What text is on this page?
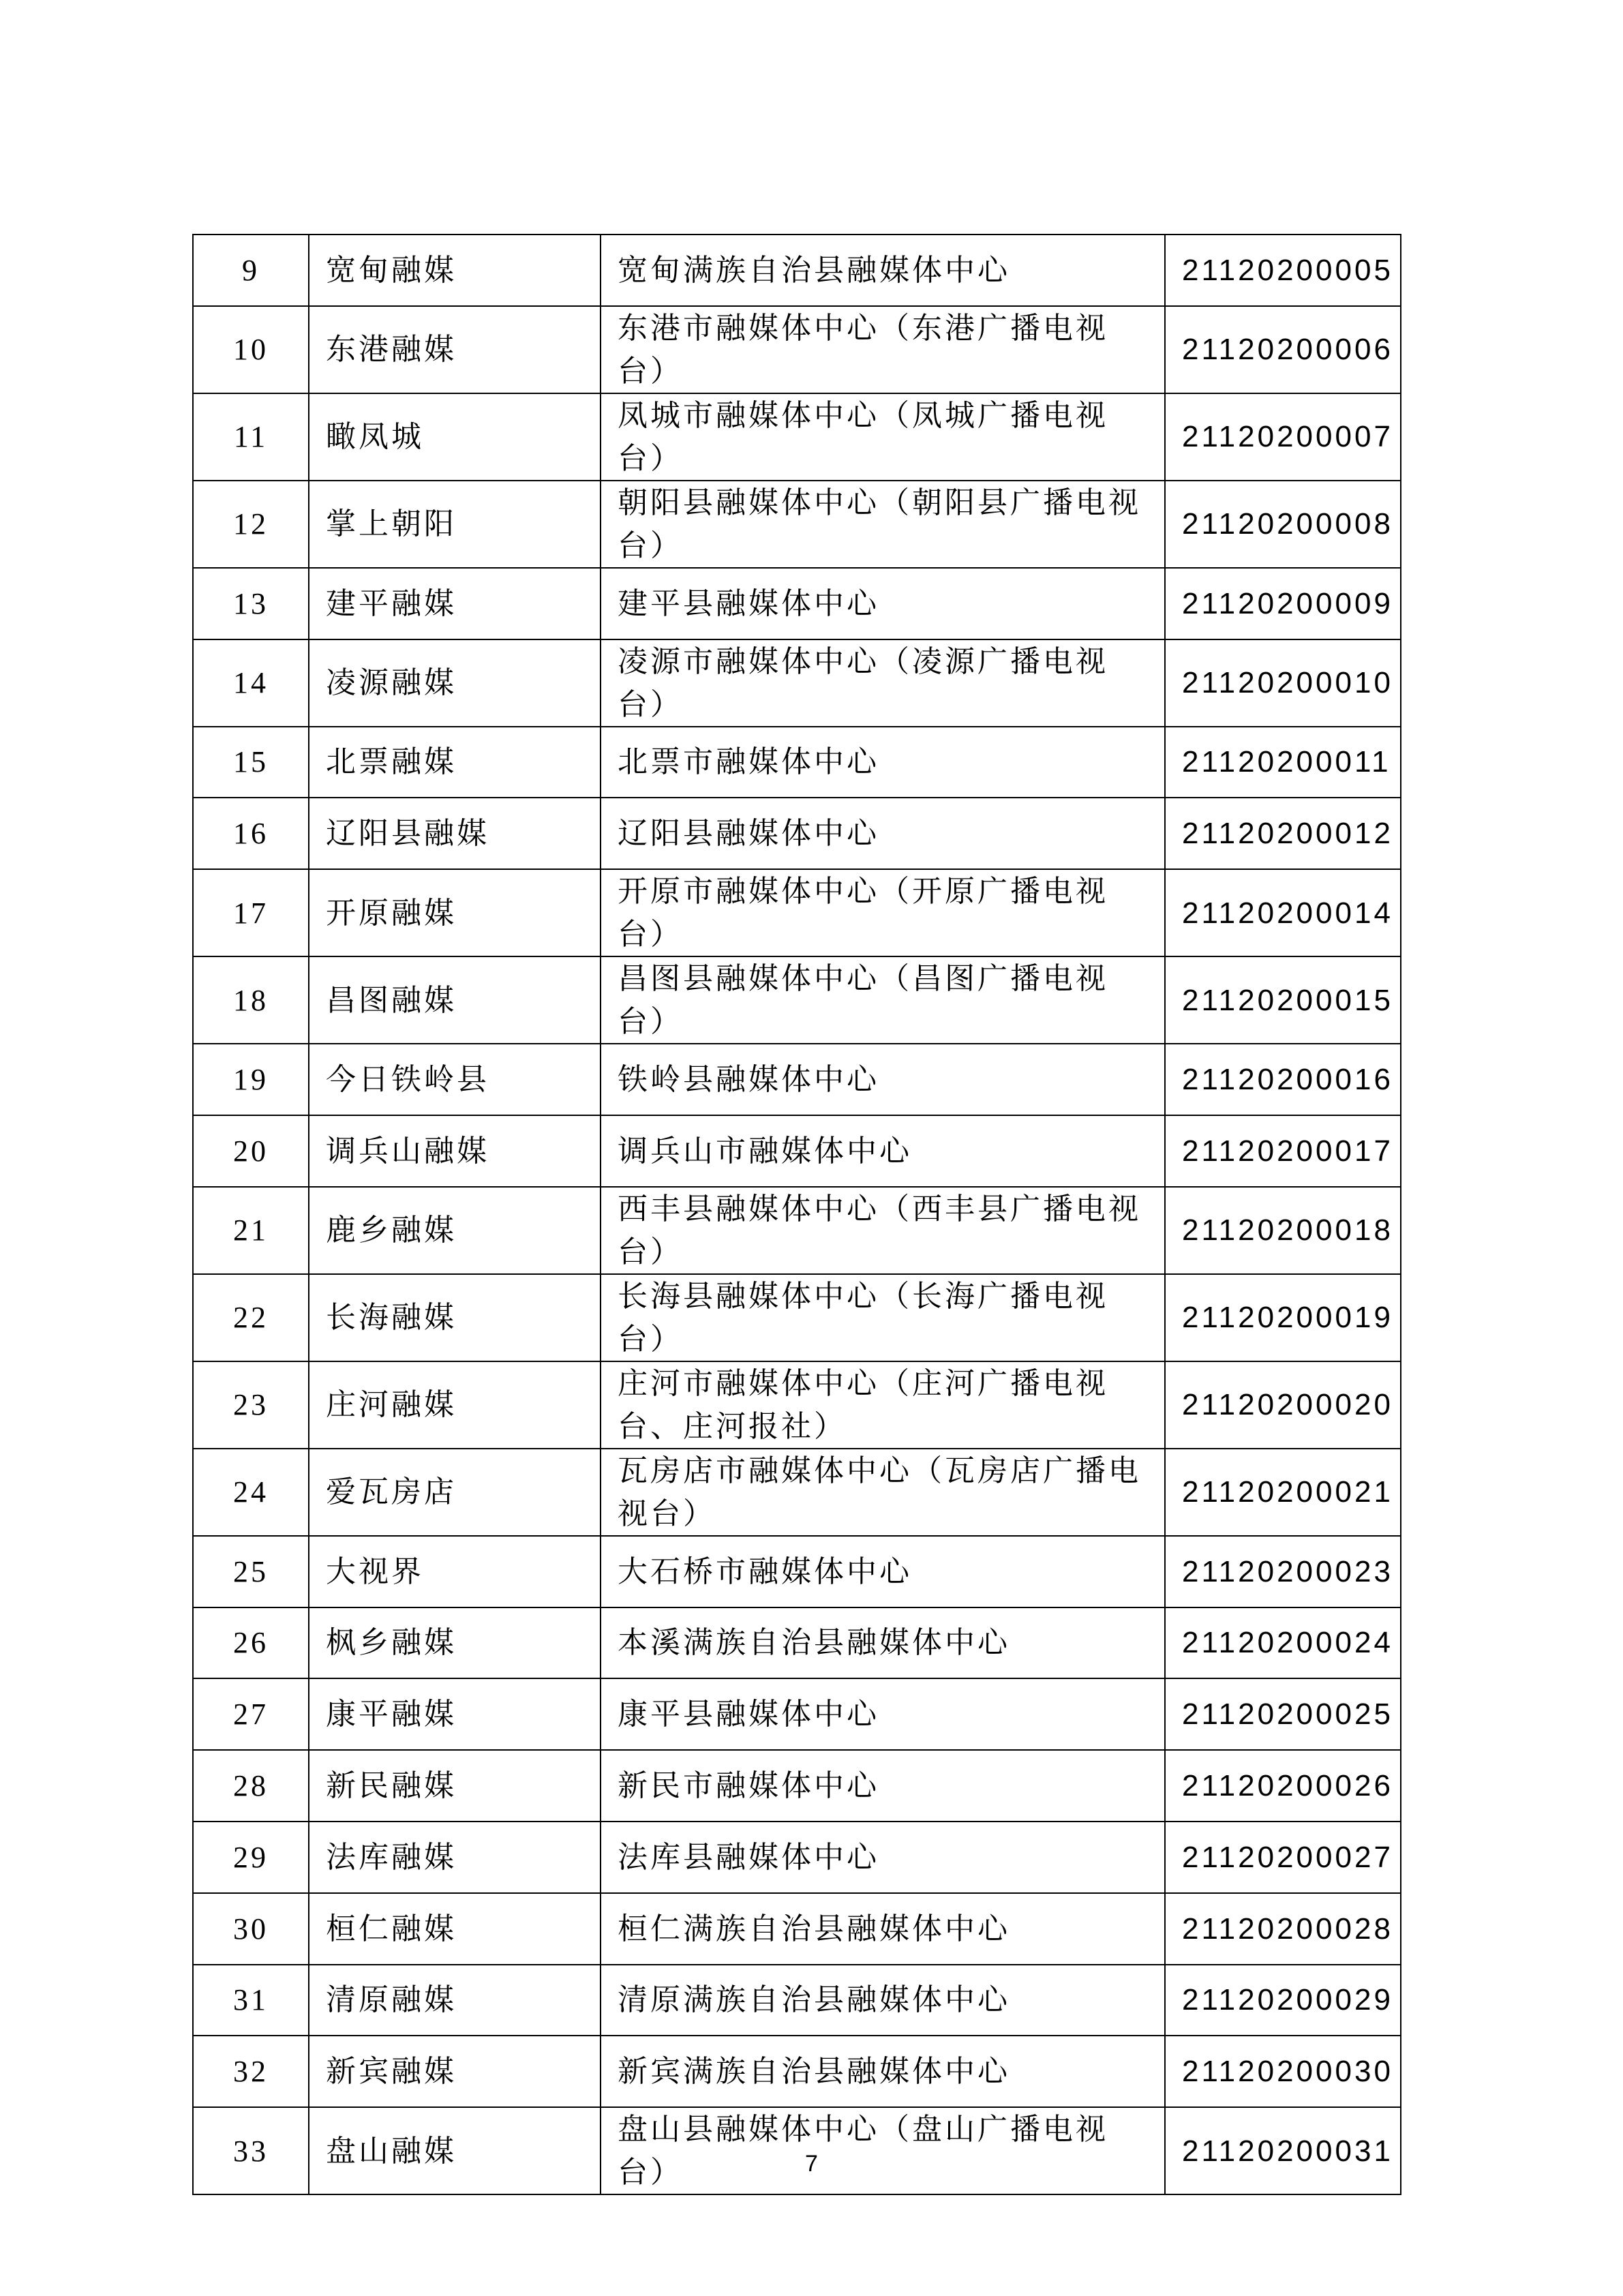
9	宽甸融媒	宽甸满族自治县融媒体中心	21120200005
10	东港融媒	东港市融媒体中心（东港广播电视台）	21120200006
11	瞰凤城	凤城市融媒体中心（凤城广播电视台）	21120200007
12	掌上朝阳	朝阳县融媒体中心（朝阳县广播电视台）	21120200008
13	建平融媒	建平县融媒体中心	21120200009
14	凌源融媒	凌源市融媒体中心（凌源广播电视台）	21120200010
15	北票融媒	北票市融媒体中心	21120200011
16	辽阳县融媒	辽阳县融媒体中心	21120200012
17	开原融媒	开原市融媒体中心（开原广播电视台）	21120200014
18	昌图融媒	昌图县融媒体中心（昌图广播电视台）	21120200015
19	今日铁岭县	铁岭县融媒体中心	21120200016
20	调兵山融媒	调兵山市融媒体中心	21120200017
21	鹿乡融媒	西丰县融媒体中心（西丰县广播电视台）	21120200018
22	长海融媒	长海县融媒体中心（长海广播电视台）	21120200019
23	庄河融媒	庄河市融媒体中心（庄河广播电视台、庄河报社）	21120200020
24	爱瓦房店	瓦房店市融媒体中心（瓦房店广播电视台）	21120200021
25	大视界	大石桥市融媒体中心	21120200023
26	枫乡融媒	本溪满族自治县融媒体中心	21120200024
27	康平融媒	康平县融媒体中心	21120200025
28	新民融媒	新民市融媒体中心	21120200026
29	法库融媒	法库县融媒体中心	21120200027
30	桓仁融媒	桓仁满族自治县融媒体中心	21120200028
31	清原融媒	清原满族自治县融媒体中心	21120200029
32	新宾融媒	新宾满族自治县融媒体中心	21120200030
33	盘山融媒	盘山县融媒体中心（盘山广播电视台）	21120200031
7
